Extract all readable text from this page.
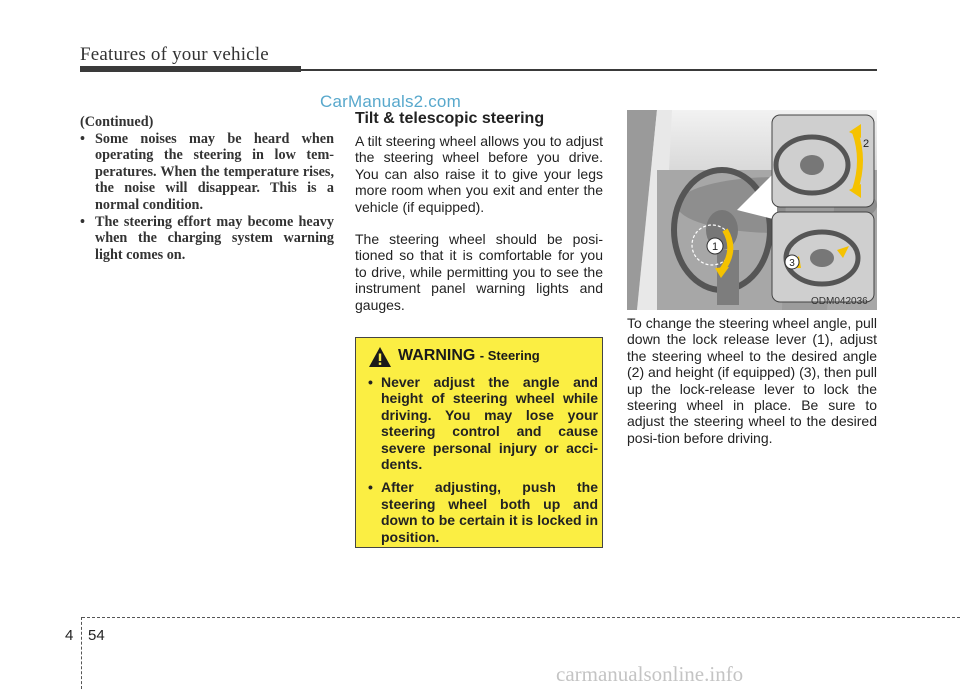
Features of your vehicle
CarManuals2.com

(Continued)

• Some noises may be heard when operating the steering in low tem-peratures. When the temperature rises, the noise will disappear. This is a normal condition.
• The steering effort may become heavy when the charging system warning light comes on.
Tilt & telescopic steering

A tilt steering wheel allows you to adjust the steering wheel before you drive. You can also raise it to give your legs more room when you exit and enter the vehicle (if equipped).

The steering wheel should be posi-tioned so that it is comfortable for you to drive, while permitting you to see the instrument panel warning lights and gauges.

WARNING - Steering
• Never adjust the angle and height of steering wheel while driving. You may lose your steering control and cause severe personal injury or acci-dents.
• After adjusting, push the steering wheel both up and down to be certain it is locked in position.
1
2
3
ODM042036

To change the steering wheel angle, pull down the lock release lever (1), adjust the steering wheel to the desired angle (2) and height (if equipped) (3), then pull up the lock-release lever to lock the steering wheel in place. Be sure to adjust the steering wheel to the desired posi-tion before driving.

4 54
carmanualsonline.info
